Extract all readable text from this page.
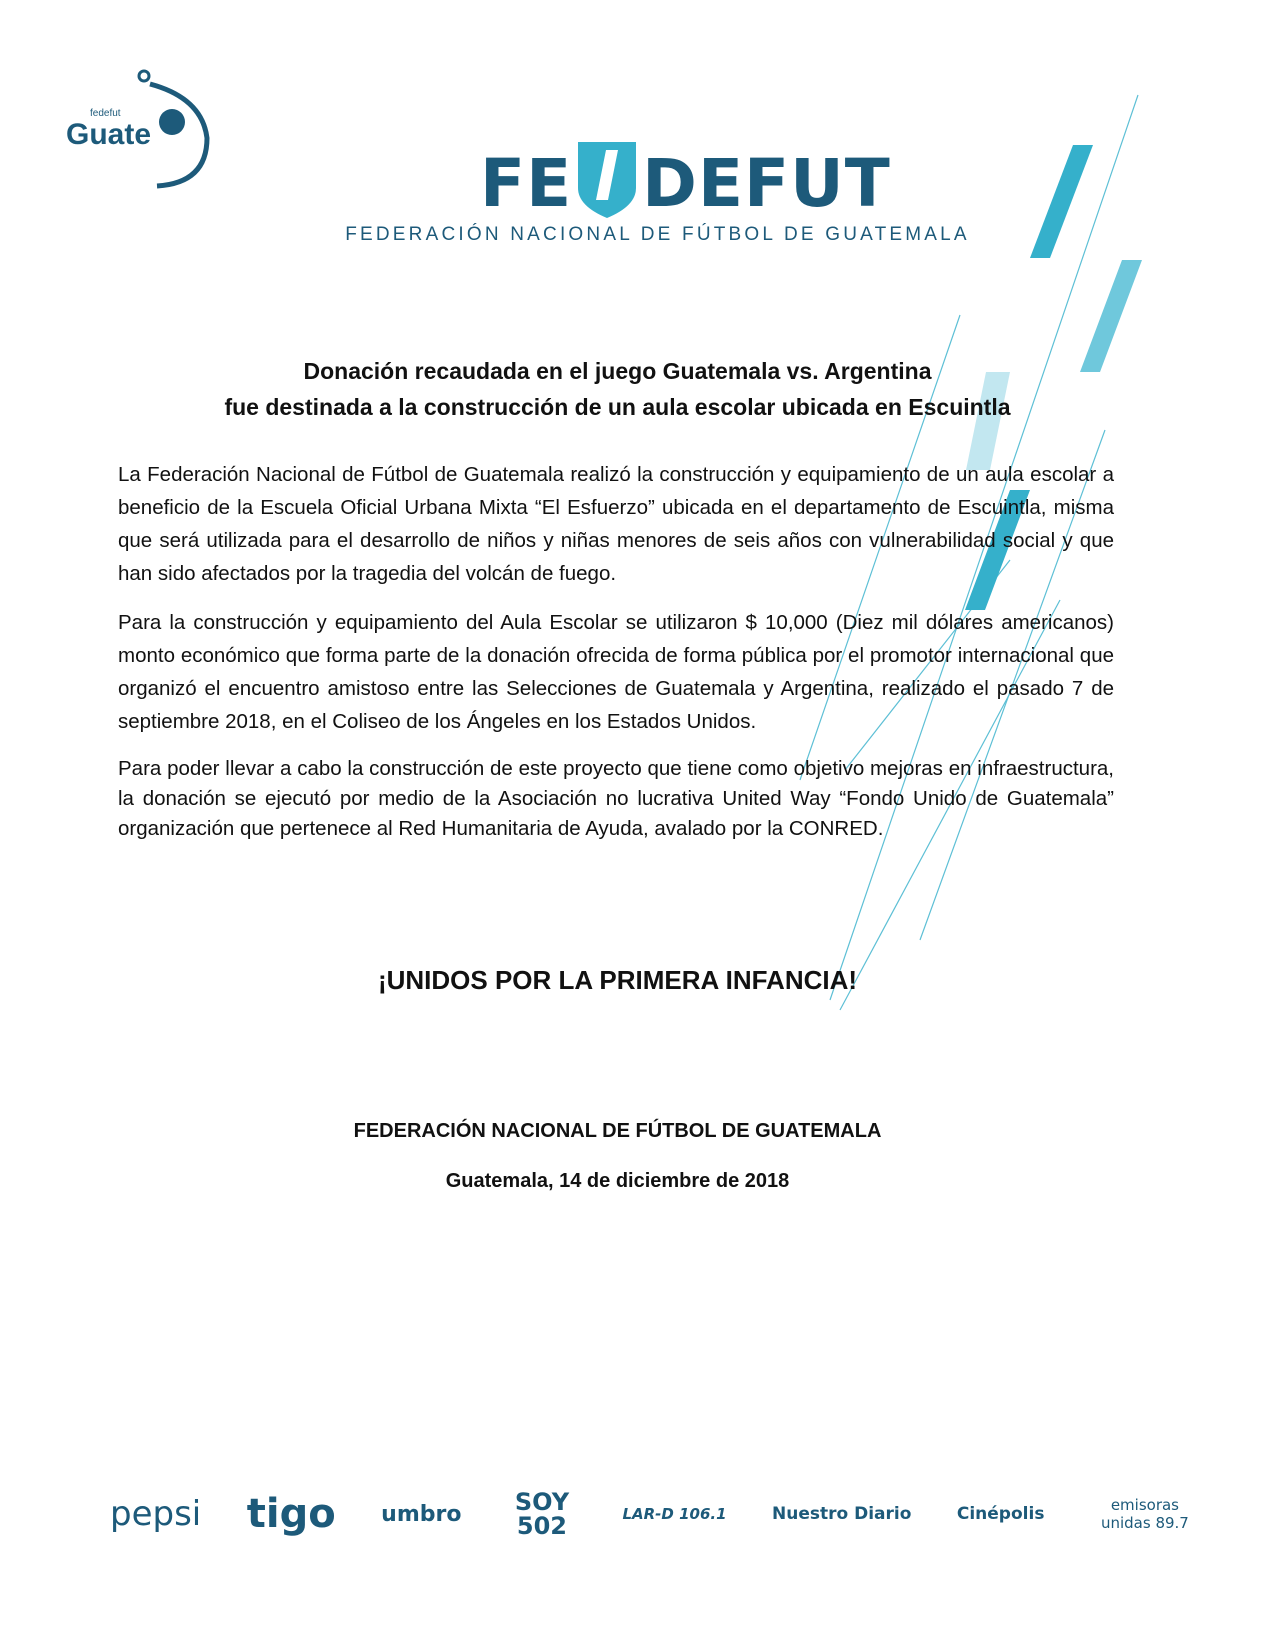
fedefut
Guate
FE DEFUT
FEDERACIÓN NACIONAL DE FÚTBOL DE GUATEMALA
Donación recaudada en el juego Guatemala vs. Argentina
fue destinada a la construcción de un aula escolar ubicada en Escuintla

La Federación Nacional de Fútbol de Guatemala realizó la construcción y equipamiento de un aula escolar a beneficio de la Escuela Oficial Urbana Mixta “El Esfuerzo” ubicada en el departamento de Escuintla, misma que será utilizada para el desarrollo de niños y niñas menores de seis años con vulnerabilidad social y que han sido afectados por la tragedia del volcán de fuego.

Para la construcción y equipamiento del Aula Escolar se utilizaron $ 10,000 (Diez mil dólares americanos) monto económico que forma parte de la donación ofrecida de forma pública por el promotor internacional que organizó el encuentro amistoso entre las Selecciones de Guatemala y Argentina, realizado el pasado 7 de septiembre 2018, en el Coliseo de los Ángeles en los Estados Unidos.

Para poder llevar a cabo la construcción de este proyecto que tiene como objetivo mejoras en infraestructura, la donación se ejecutó por medio de la Asociación no lucrativa United Way “Fondo Unido de Guatemala” organización que pertenece al Red Humanitaria de Ayuda, avalado por la CONRED.

¡UNIDOS POR LA PRIMERA INFANCIA!
FEDERACIÓN NACIONAL DE FÚTBOL DE GUATEMALA
Guatemala, 14 de diciembre de 2018
pepsi tigo umbro	SOY 502	LAR-D 106.1	Nuestro Diario	Cinépolis	emisoras unidas 89.7
